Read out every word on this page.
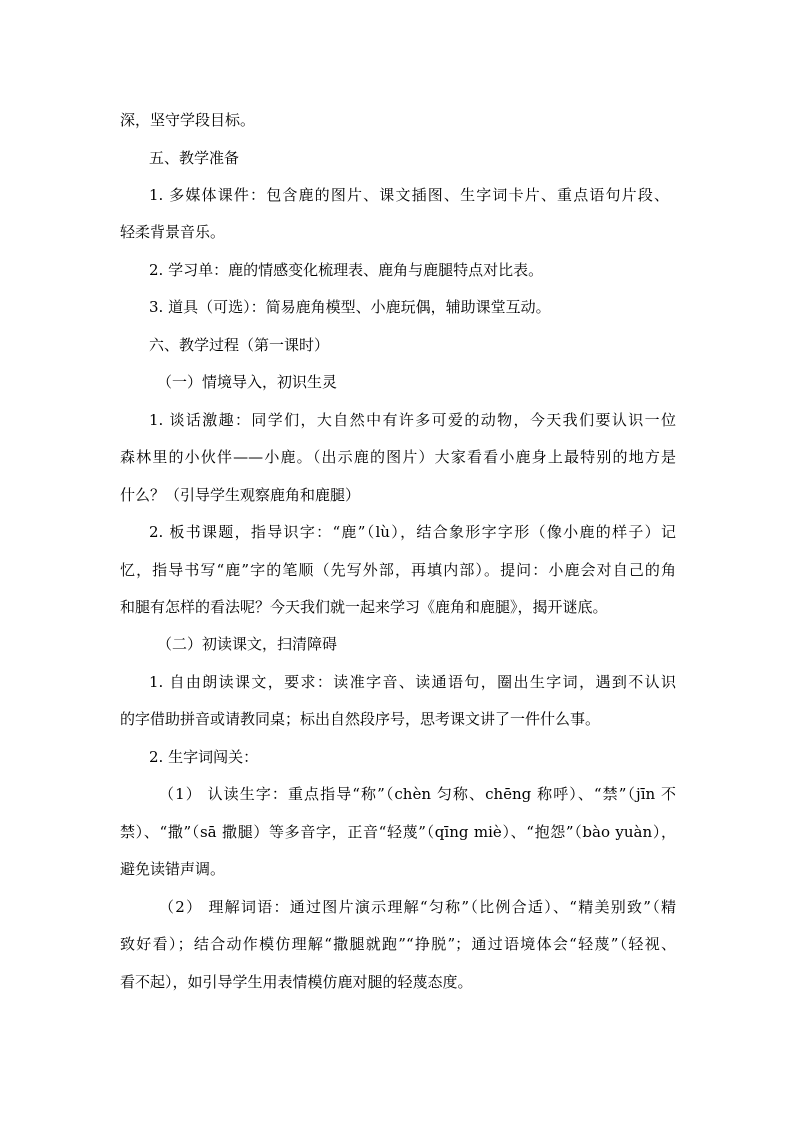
深，坚守学段目标。
五、教学准备
1. 多媒体课件：包含鹿的图片、课文插图、生字词卡片、重点语句片段、
轻柔背景音乐。
2. 学习单：鹿的情感变化梳理表、鹿角与鹿腿特点对比表。
3. 道具（可选）：简易鹿角模型、小鹿玩偶，辅助课堂互动。
六、教学过程（第一课时）
（一）情境导入，初识生灵
1. 谈话激趣：同学们，大自然中有许多可爱的动物，今天我们要认识一位
森林里的小伙伴——小鹿。（出示鹿的图片）大家看看小鹿身上最特别的地方是
什么？（引导学生观察鹿角和鹿腿）
2. 板书课题，指导识字：“鹿”（lù），结合象形字字形（像小鹿的样子）记
忆，指导书写“鹿”字的笔顺（先写外部，再填内部）。提问：小鹿会对自己的角
和腿有怎样的看法呢？今天我们就一起来学习《鹿角和鹿腿》，揭开谜底。
（二）初读课文，扫清障碍
1. 自由朗读课文，要求：读准字音、读通语句，圈出生字词，遇到不认识
的字借助拼音或请教同桌；标出自然段序号，思考课文讲了一件什么事。
2. 生字词闯关：
（1） 认读生字：重点指导“称”（chèn 匀称、chēng 称呼）、“禁”（jīn 不
禁）、“撒”（sā 撒腿）等多音字，正音“轻蔑”（qīng miè）、“抱怨”（bào yuàn），
避免读错声调。
（2） 理解词语：通过图片演示理解“匀称”（比例合适）、“精美别致”（精
致好看）；结合动作模仿理解“撒腿就跑”“挣脱”；通过语境体会“轻蔑”（轻视、
看不起），如引导学生用表情模仿鹿对腿的轻蔑态度。
